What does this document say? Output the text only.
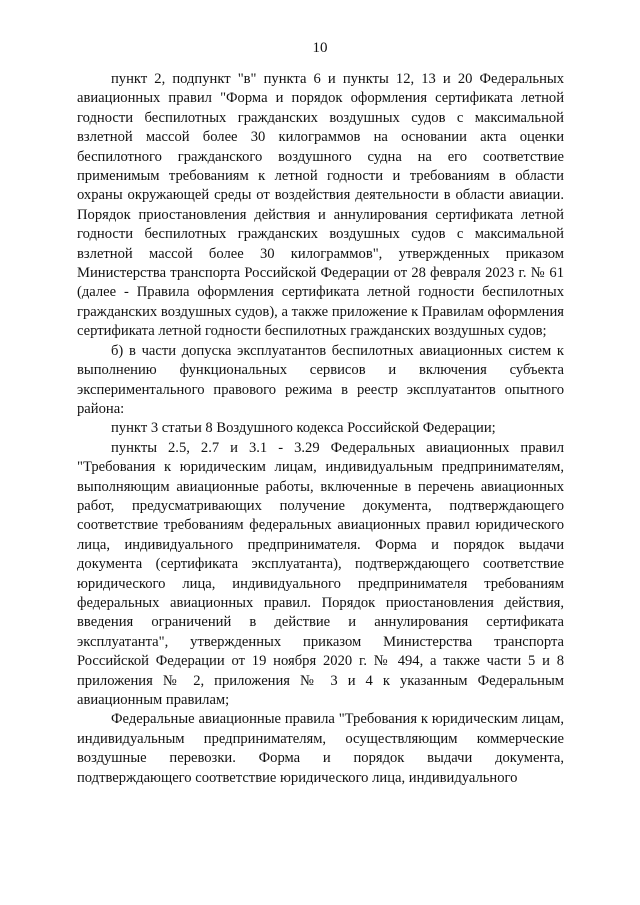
10

пункт 2, подпункт "в" пункта 6 и пункты 12, 13 и 20 Федеральных авиационных правил "Форма и порядок оформления сертификата летной годности беспилотных гражданских воздушных судов с максимальной взлетной массой более 30 килограммов на основании акта оценки беспилотного гражданского воздушного судна на его соответствие применимым требованиям к летной годности и требованиям в области охраны окружающей среды от воздействия деятельности в области авиации. Порядок приостановления действия и аннулирования сертификата летной годности беспилотных гражданских воздушных судов с максимальной взлетной массой более 30 килограммов", утвержденных приказом Министерства транспорта Российской Федерации от 28 февраля 2023 г. № 61 (далее - Правила оформления сертификата летной годности беспилотных гражданских воздушных судов), а также приложение к Правилам оформления сертификата летной годности беспилотных гражданских воздушных судов;

б) в части допуска эксплуатантов беспилотных авиационных систем к выполнению функциональных сервисов и включения субъекта экспериментального правового режима в реестр эксплуатантов опытного района:

пункт 3 статьи 8 Воздушного кодекса Российской Федерации;

пункты 2.5, 2.7 и 3.1 - 3.29 Федеральных авиационных правил "Требования к юридическим лицам, индивидуальным предпринимателям, выполняющим авиационные работы, включенные в перечень авиационных работ, предусматривающих получение документа, подтверждающего соответствие требованиям федеральных авиационных правил юридического лица, индивидуального предпринимателя. Форма и порядок выдачи документа (сертификата эксплуатанта), подтверждающего соответствие юридического лица, индивидуального предпринимателя требованиям федеральных авиационных правил. Порядок приостановления действия, введения ограничений в действие и аннулирования сертификата эксплуатанта", утвержденных приказом Министерства транспорта Российской Федерации от 19 ноября 2020 г. № 494, а также части 5 и 8 приложения № 2, приложения № 3 и 4 к указанным Федеральным авиационным правилам;

Федеральные авиационные правила "Требования к юридическим лицам, индивидуальным предпринимателям, осуществляющим коммерческие воздушные перевозки. Форма и порядок выдачи документа, подтверждающего соответствие юридического лица, индивидуального
